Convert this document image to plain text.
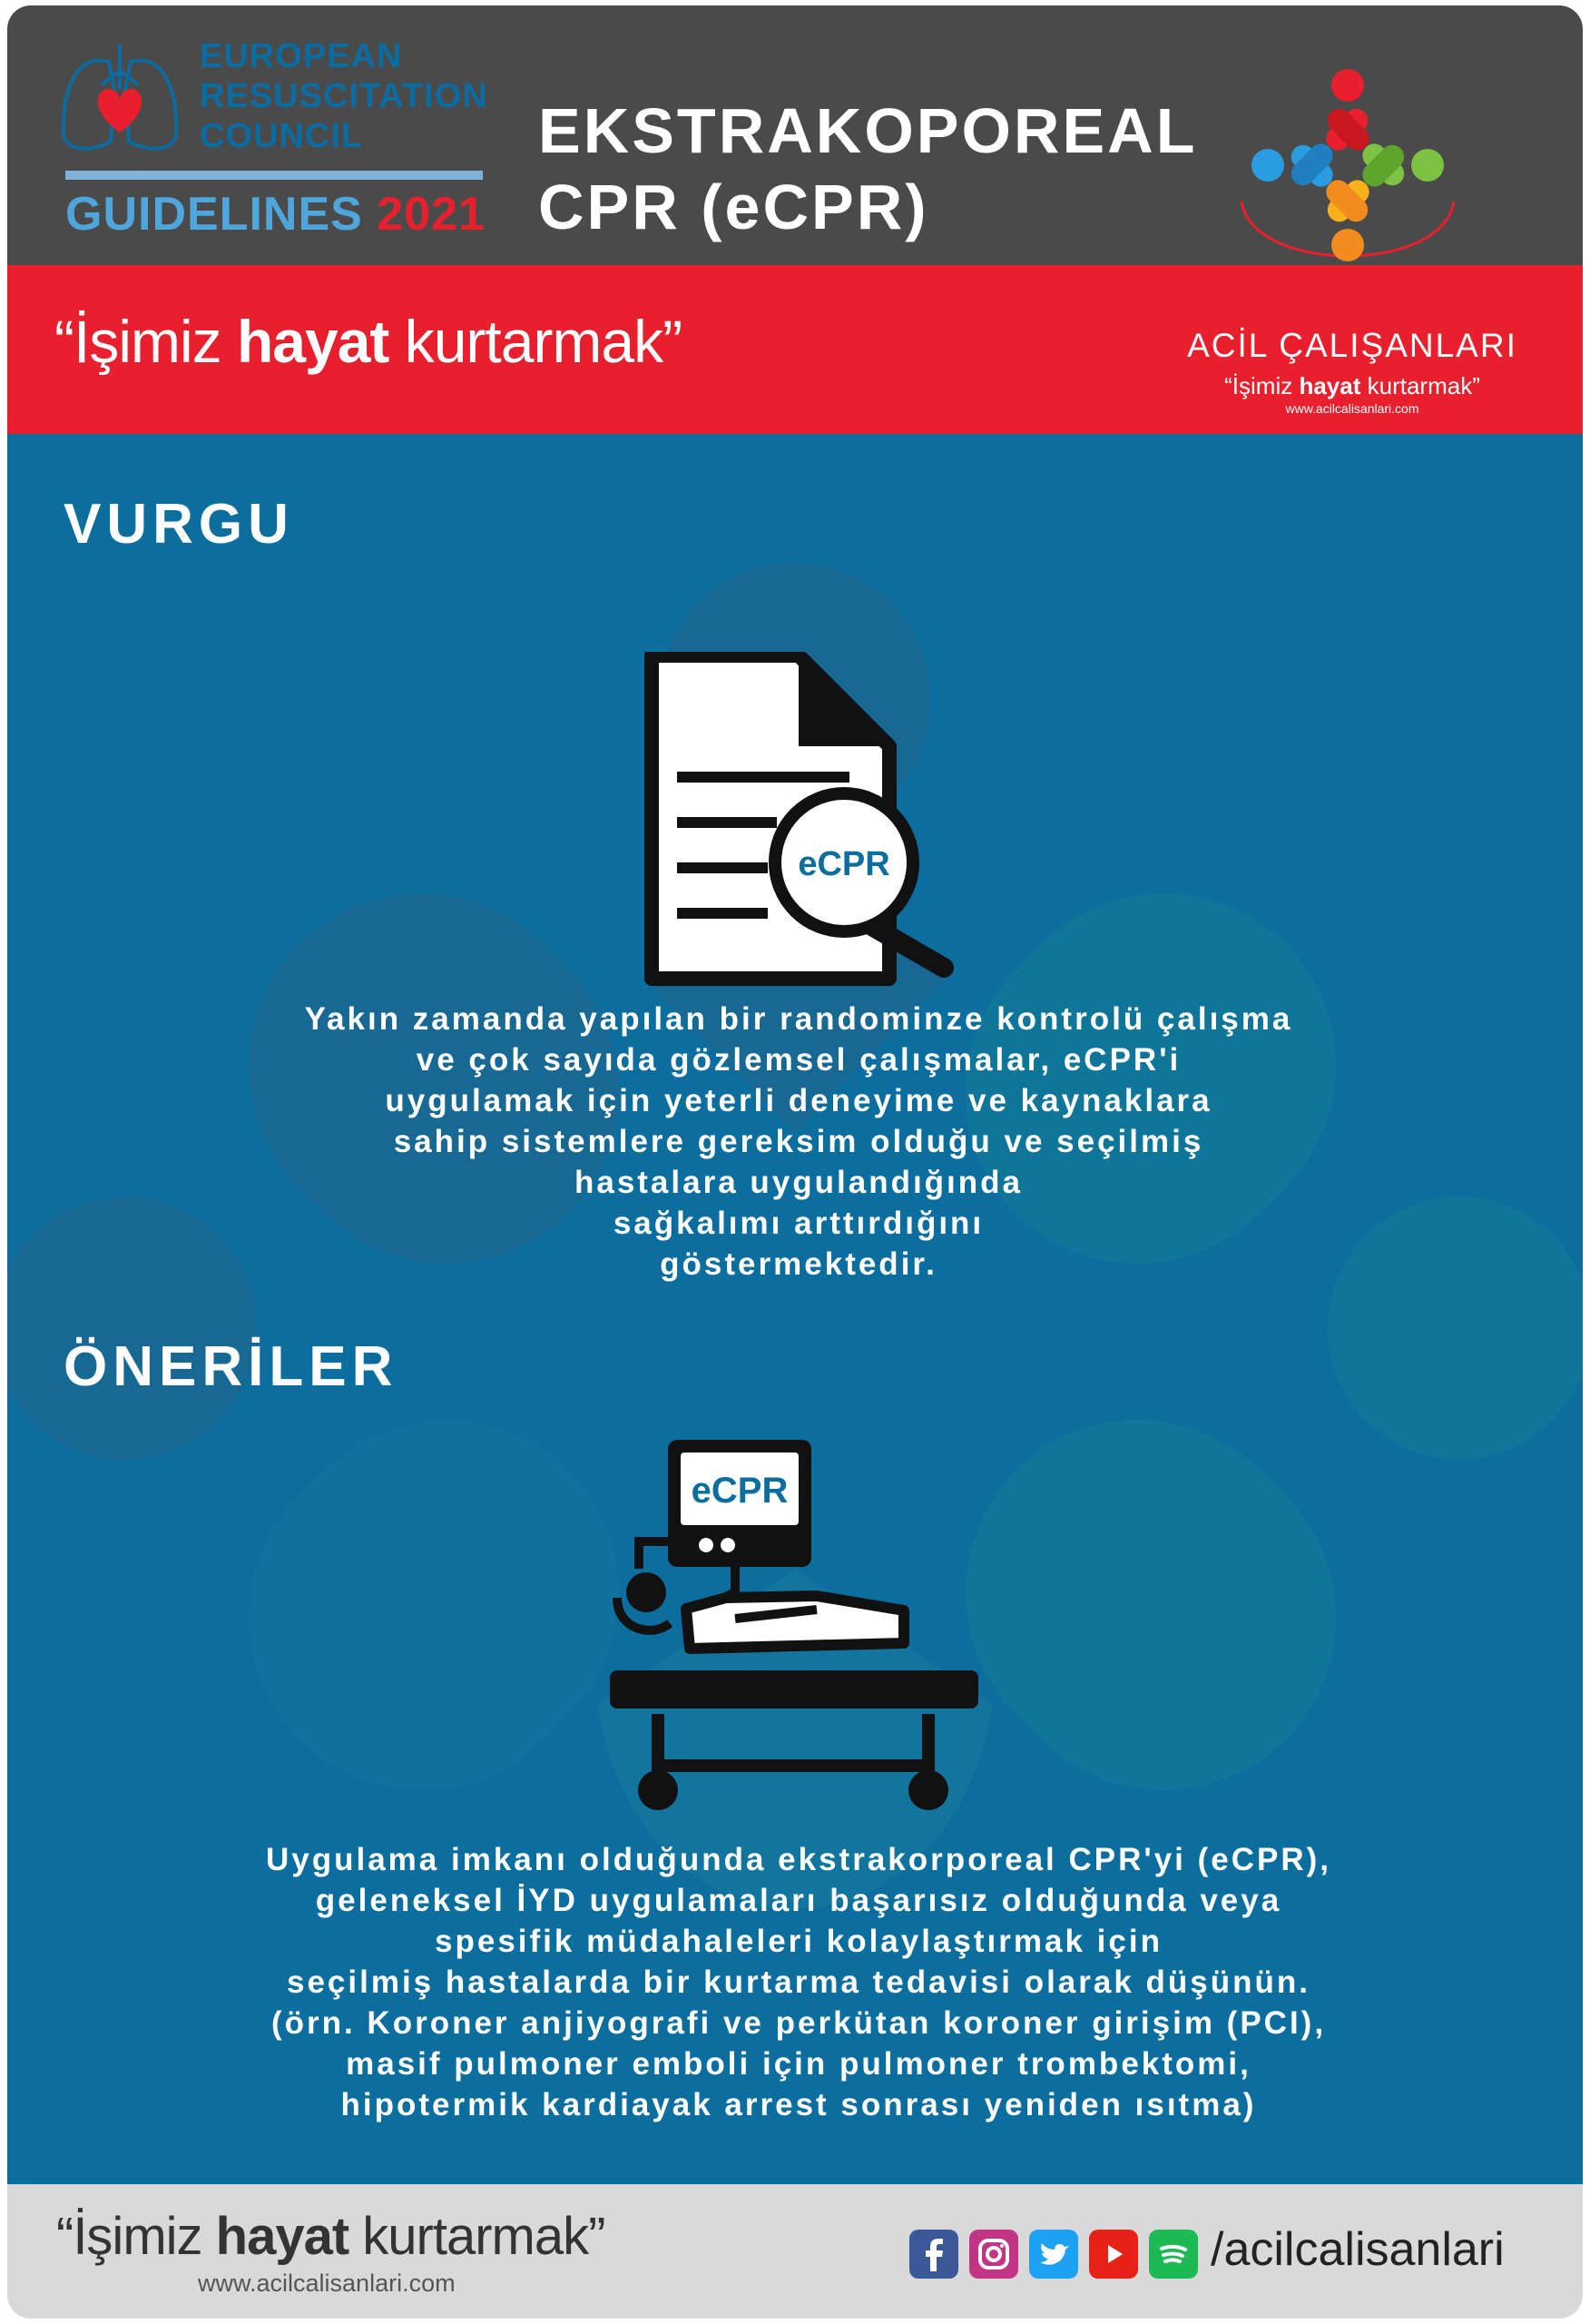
EUROPEAN
RESUSCITATION
COUNCIL
GUIDELINES 2021
EKSTRAKOPOREAL
CPR (eCPR)
“İşimiz hayat kurtarmak”	ACİL ÇALIŞANLARI
“İşimiz hayat kurtarmak”
www.acilcalisanlari.com
VURGU
ÖNERİLER
eCPR
Yakın zamanda yapılan bir randominze kontrolü çalışma
ve çok sayıda gözlemsel çalışmalar, eCPR'i
uygulamak için yeterli deneyime ve kaynaklara
sahip sistemlere gereksim olduğu ve seçilmiş
hastalara uygulandığında
sağkalımı arttırdığını
göstermektedir.
eCPR
Uygulama imkanı olduğunda ekstrakorporeal CPR'yi (eCPR),
geleneksel İYD uygulamaları başarısız olduğunda veya
spesifik müdahaleleri kolaylaştırmak için
seçilmiş hastalarda bir kurtarma tedavisi olarak düşünün.
(örn. Koroner anjiyografi ve perkütan koroner girişim (PCI),
masif pulmoner emboli için pulmoner trombektomi,
hipotermik kardiayak arrest sonrası yeniden ısıtma)
“İşimiz hayat kurtarmak”
www.acilcalisanlari.com
/acilcalisanlari
